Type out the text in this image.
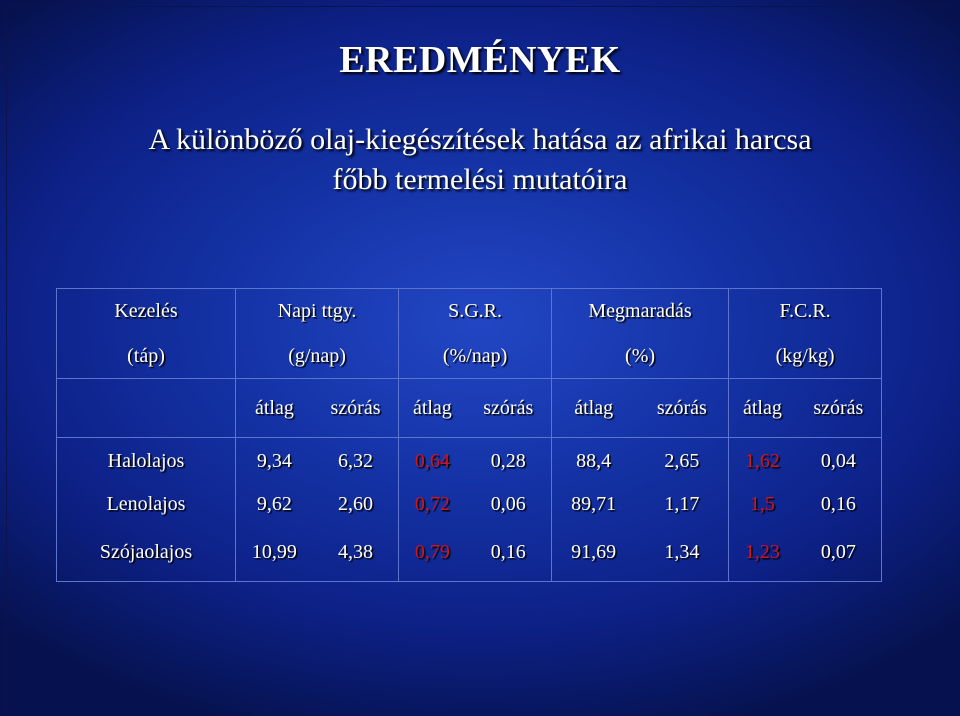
EREDMÉNYEK
A különböző olaj-kiegészítések hatása az afrikai harcsa
főbb termelési mutatóira
Kezelés	Napi ttgy.		S.G.R.		Megmaradás		F.C.R.	
(táp)	(g/nap)		(%/nap)		(%)		(kg/kg)	
	átlag	szórás	átlag	szórás	átlag	szórás	átlag	szórás
Halolajos	9,34	6,32	0,64	0,28	88,4	2,65	1,62	0,04
Lenolajos	9,62	2,60	0,72	0,06	89,71	1,17	1,5	0,16
Szójaolajos	10,99	4,38	0,79	0,16	91,69	1,34	1,23	0,07
